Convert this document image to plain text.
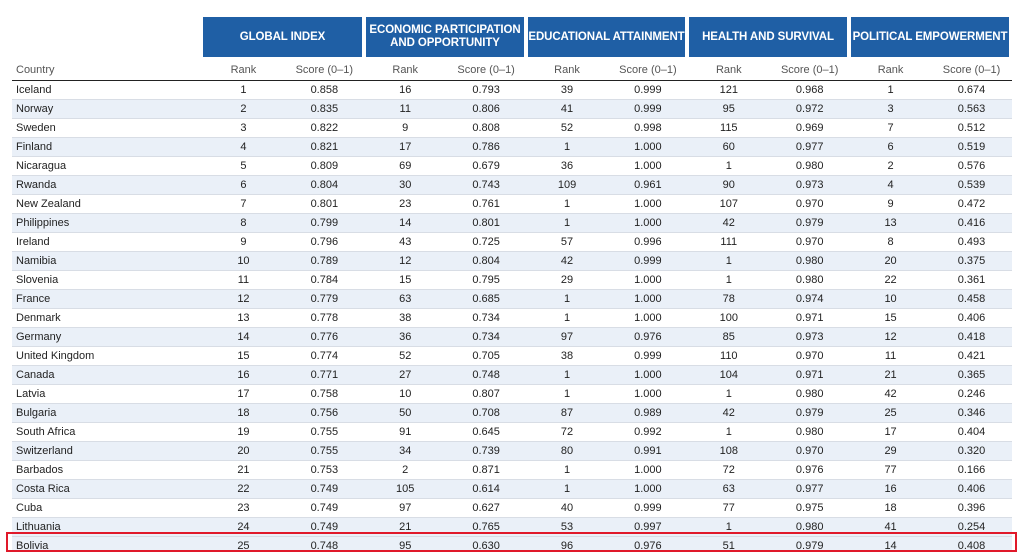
GLOBAL INDEX
ECONOMIC PARTICIPATION
AND OPPORTUNITY
EDUCATIONAL ATTAINMENT HEALTH AND SURVIVAL POLITICAL EMPOWERMENT
Country	Rank	Score (0–1)	Rank	Score (0–1)	Rank	Score (0–1)	Rank	Score (0–1)	Rank	Score (0–1)
Iceland	1	0.858	16	0.793	39	0.999	121	0.968	1	0.674
Norway	2	0.835	11	0.806	41	0.999	95	0.972	3	0.563
Sweden	3	0.822	9	0.808	52	0.998	115	0.969	7	0.512
Finland	4	0.821	17	0.786	1	1.000	60	0.977	6	0.519
Nicaragua	5	0.809	69	0.679	36	1.000	1	0.980	2	0.576
Rwanda	6	0.804	30	0.743	109	0.961	90	0.973	4	0.539
New Zealand	7	0.801	23	0.761	1	1.000	107	0.970	9	0.472
Philippines	8	0.799	14	0.801	1	1.000	42	0.979	13	0.416
Ireland	9	0.796	43	0.725	57	0.996	111	0.970	8	0.493
Namibia	10	0.789	12	0.804	42	0.999	1	0.980	20	0.375
Slovenia	11	0.784	15	0.795	29	1.000	1	0.980	22	0.361
France	12	0.779	63	0.685	1	1.000	78	0.974	10	0.458
Denmark	13	0.778	38	0.734	1	1.000	100	0.971	15	0.406
Germany	14	0.776	36	0.734	97	0.976	85	0.973	12	0.418
United Kingdom	15	0.774	52	0.705	38	0.999	110	0.970	11	0.421
Canada	16	0.771	27	0.748	1	1.000	104	0.971	21	0.365
Latvia	17	0.758	10	0.807	1	1.000	1	0.980	42	0.246
Bulgaria	18	0.756	50	0.708	87	0.989	42	0.979	25	0.346
South Africa	19	0.755	91	0.645	72	0.992	1	0.980	17	0.404
Switzerland	20	0.755	34	0.739	80	0.991	108	0.970	29	0.320
Barbados	21	0.753	2	0.871	1	1.000	72	0.976	77	0.166
Costa Rica	22	0.749	105	0.614	1	1.000	63	0.977	16	0.406
Cuba	23	0.749	97	0.627	40	0.999	77	0.975	18	0.396
Lithuania	24	0.749	21	0.765	53	0.997	1	0.980	41	0.254
Bolivia	25	0.748	95	0.630	96	0.976	51	0.979	14	0.408
